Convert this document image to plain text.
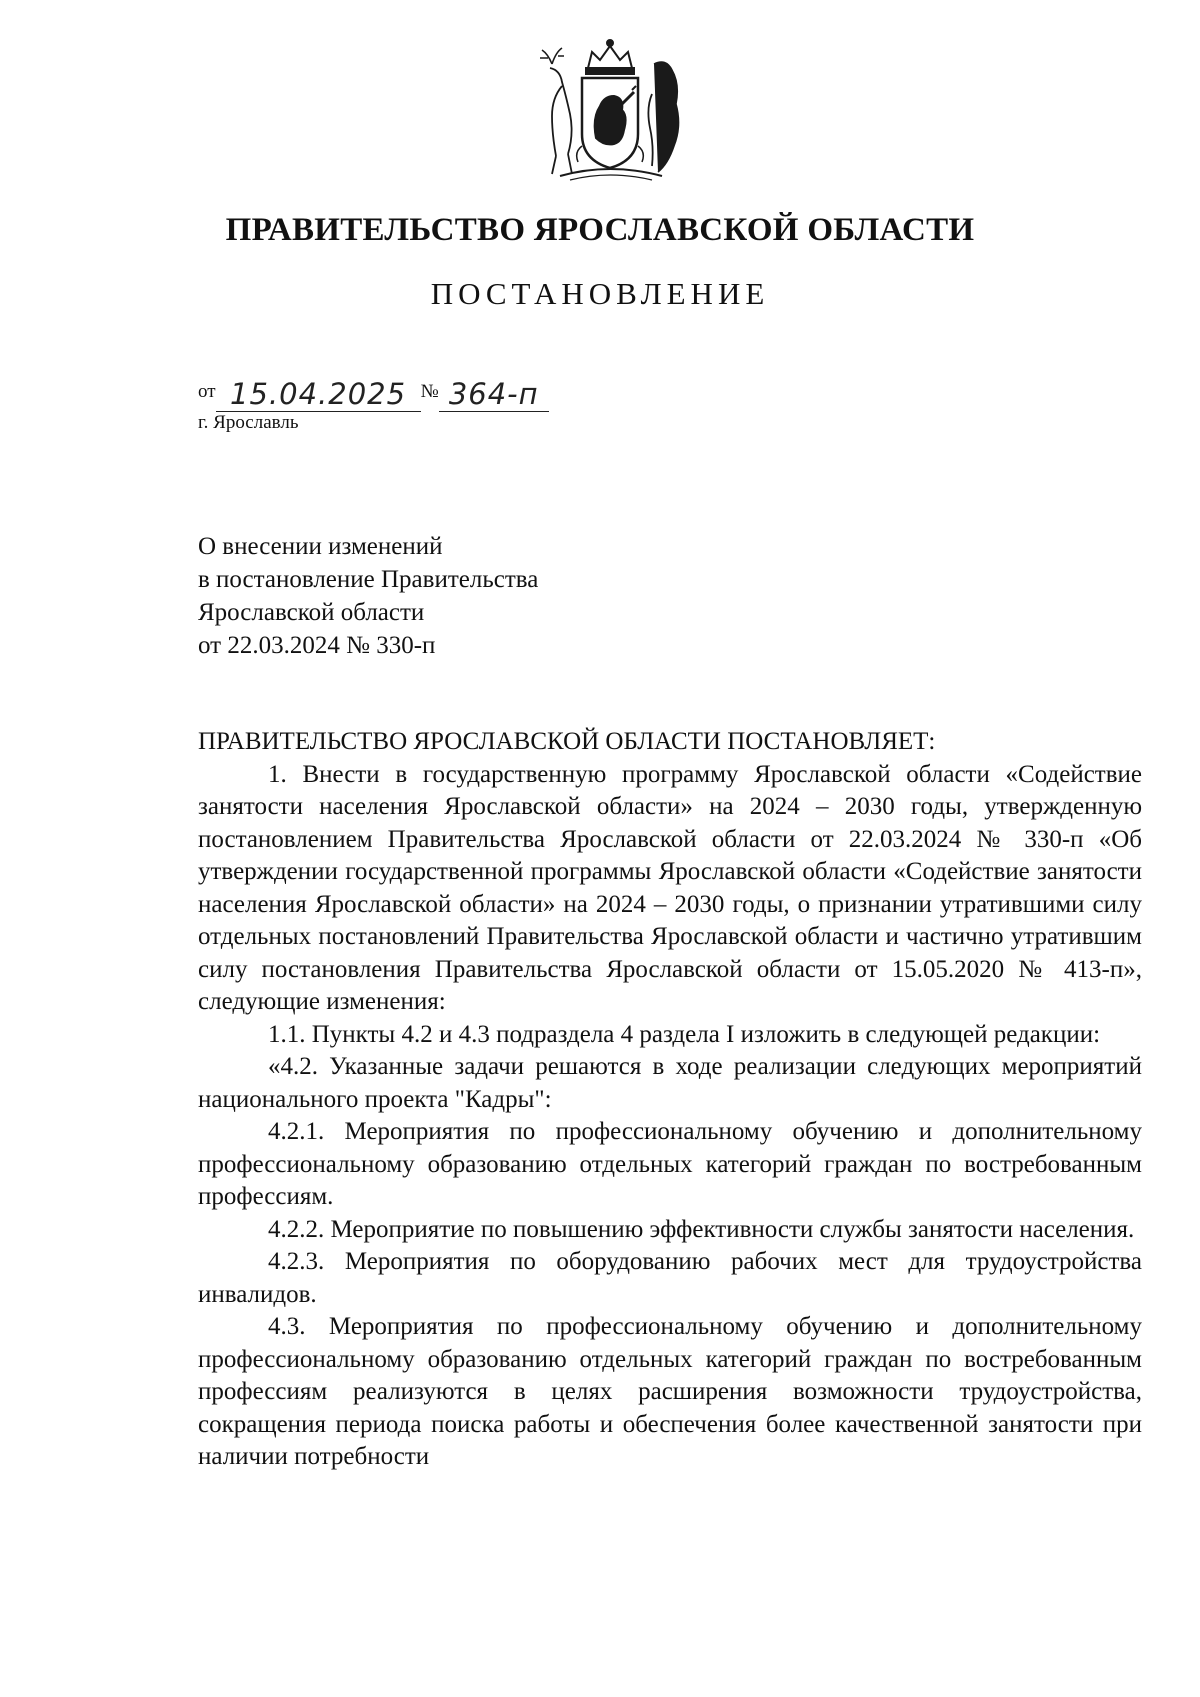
ПРАВИТЕЛЬСТВО ЯРОСЛАВСКОЙ ОБЛАСТИ
ПОСТАНОВЛЕНИЕ
от 15.04.2025 № 364-п
г. Ярославль
О внесении изменений
в постановление Правительства
Ярославской области
от 22.03.2024 № 330-п

ПРАВИТЕЛЬСТВО ЯРОСЛАВСКОЙ ОБЛАСТИ ПОСТАНОВЛЯЕТ:

1. Внести в государственную программу Ярославской области «Содействие занятости населения Ярославской области» на 2024 – 2030 годы, утвержденную постановлением Правительства Ярославской области от 22.03.2024 № 330-п «Об утверждении государственной программы Ярославской области «Содействие занятости населения Ярославской области» на 2024 – 2030 годы, о признании утратившими силу отдельных постановлений Правительства Ярославской области и частично утратившим силу постановления Правительства Ярославской области от 15.05.2020 № 413-п», следующие изменения:

1.1. Пункты 4.2 и 4.3 подраздела 4 раздела I изложить в следующей редакции:

«4.2. Указанные задачи решаются в ходе реализации следующих мероприятий национального проекта "Кадры":

4.2.1. Мероприятия по профессиональному обучению и дополнительному профессиональному образованию отдельных категорий граждан по востребованным профессиям.

4.2.2. Мероприятие по повышению эффективности службы занятости населения.

4.2.3. Мероприятия по оборудованию рабочих мест для трудоустройства инвалидов.

4.3. Мероприятия по профессиональному обучению и дополнительному профессиональному образованию отдельных категорий граждан по востребованным профессиям реализуются в целях расширения возможности трудоустройства, сокращения периода поиска работы и обеспечения более качественной занятости при наличии потребности
